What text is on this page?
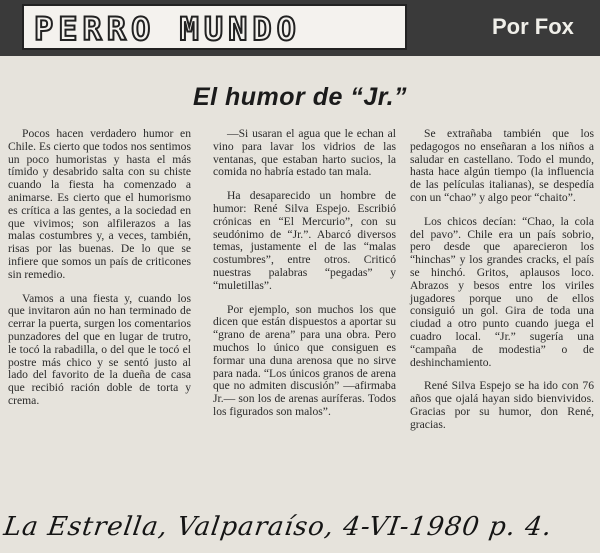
PERRO MUNDO	Por Fox
El humor de “Jr.”

Pocos hacen verdadero humor en Chile. Es cierto que todos nos sentimos un poco humoristas y hasta el más tímido y desabrido salta con su chiste cuando la fiesta ha comenzado a animarse. Es cierto que el humorismo es crítica a las gentes, a la sociedad en que vivimos; son alfilerazos a las malas costumbres y, a veces, también, risas por las buenas. De lo que se infiere que somos un país de criticones sin remedio.

Vamos a una fiesta y, cuando los que invitaron aún no han terminado de cerrar la puerta, surgen los comentarios punzadores del que en lugar de trutro, le tocó la rabadilla, o del que le tocó el postre más chico y se sentó justo al lado del favorito de la dueña de casa que recibió ración doble de torta y crema.

—Si usaran el agua que le echan al vino para lavar los vidrios de las ventanas, que estaban harto sucios, la comida no habría estado tan mala.

Ha desaparecido un hombre de humor: René Silva Espejo. Escribió crónicas en “El Mercurio”, con su seudónimo de “Jr.”. Abarcó diversos temas, justamente el de las “malas costumbres”, entre otros. Criticó nuestras palabras “pegadas” y “muletillas”.

Por ejemplo, son muchos los que dicen que están dispuestos a aportar su “grano de arena” para una obra. Pero muchos lo único que consiguen es formar una duna arenosa que no sirve para nada. “Los únicos granos de arena que no admiten discusión” —afirmaba Jr.— son los de arenas auríferas. Todos los figurados son malos”.

Se extrañaba también que los pedagogos no enseñaran a los niños a saludar en castellano. Todo el mundo, hasta hace algún tiempo (la influencia de las películas italianas), se despedía con un “chao” y algo peor “chaito”.

Los chicos decían: “Chao, la cola del pavo”. Chile era un país sobrio, pero desde que aparecieron los “hinchas” y los grandes cracks, el país se hinchó. Gritos, aplausos loco. Abrazos y besos entre los viriles jugadores porque uno de ellos consiguió un gol. Gira de toda una ciudad a otro punto cuando juega el cuadro local. “Jr.” sugería una “campaña de modestia” o de deshinchamiento.

René Silva Espejo se ha ido con 76 años que ojalá hayan sido bienvividos. Gracias por su humor, don René, gracias.

La Estrella, Valparaíso, 4-VI-1980 p. 4.
